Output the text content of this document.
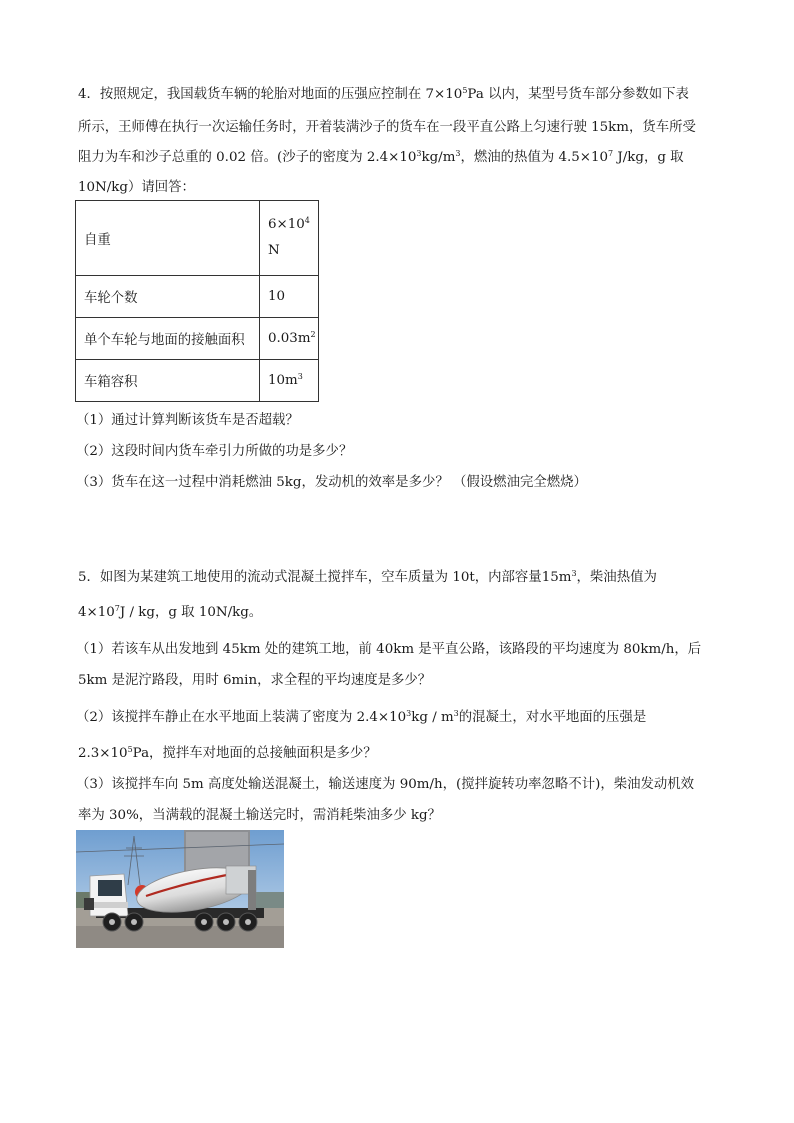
4．按照规定，我国载货车辆的轮胎对地面的压强应控制在 $7\times 10^5Pa$ 以内，某型号货车部分参数如下表
所示，王师傅在执行一次运输任务时，开着装满沙子的货车在一段平直公路上匀速行驶 15km，货车所受
阻力为车和沙子总重的 0.02 倍。(沙子的密度为 $2.4\times 10^3kg/m^3$，燃油的热值为 $4.5\times 10^7$ J/kg，g 取
10N/kg）请回答：
自重	$6\times 10^4$
N
车轮个数	10
单个车轮与地面的接触面积	$0.03m^2$
车箱容积	$10m^3$
（1）通过计算判断该货车是否超载？
（2）这段时间内货车牵引力所做的功是多少？
（3）货车在这一过程中消耗燃油 5kg，发动机的效率是多少？ （假设燃油完全燃烧）
5．如图为某建筑工地使用的流动式混凝土搅拌车，空车质量为 10t，内部容量$15m^3$，柴油热值为
$4\times 10^7J$ / kg，g 取 10N/kg。
（1）若该车从出发地到 45km 处的建筑工地，前 40km 是平直公路，该路段的平均速度为 80km/h，后
5km 是泥泞路段，用时 6min，求全程的平均速度是多少？
（2）该搅拌车静止在水平地面上装满了密度为 $2.4\times 10^3kg / m^3$的混凝土，对水平地面的压强是
$2.3\times 10^5Pa$，搅拌车对地面的总接触面积是多少？
（3）该搅拌车向 5m 高度处输送混凝土，输送速度为 90m/h，(搅拌旋转功率忽略不计)，柴油发动机效
率为 30%，当满载的混凝土输送完时，需消耗柴油多少 kg？
